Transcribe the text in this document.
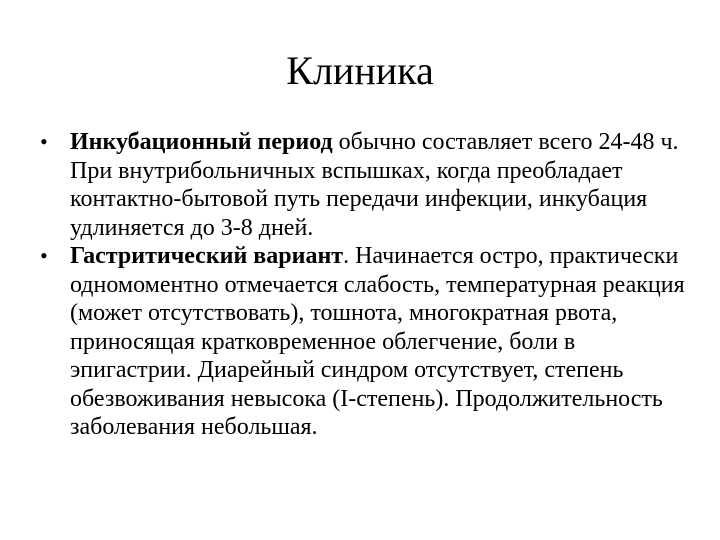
Клиника
• Инкубационный период обычно составляет всего 24-48 ч. При внутрибольничных вспышках, когда преобладает контактно-бытовой путь передачи инфекции, инкубация удлиняется до 3-8 дней.
• Гастритический вариант. Начинается остро, практически одномоментно отмечается слабость, температурная реакция (может отсутствовать), тошнота, многократная рвота, приносящая кратковременное облегчение, боли в эпигастрии. Диарейный синдром отсутствует, степень обезвоживания невысока (I-степень). Продолжительность заболевания небольшая.
